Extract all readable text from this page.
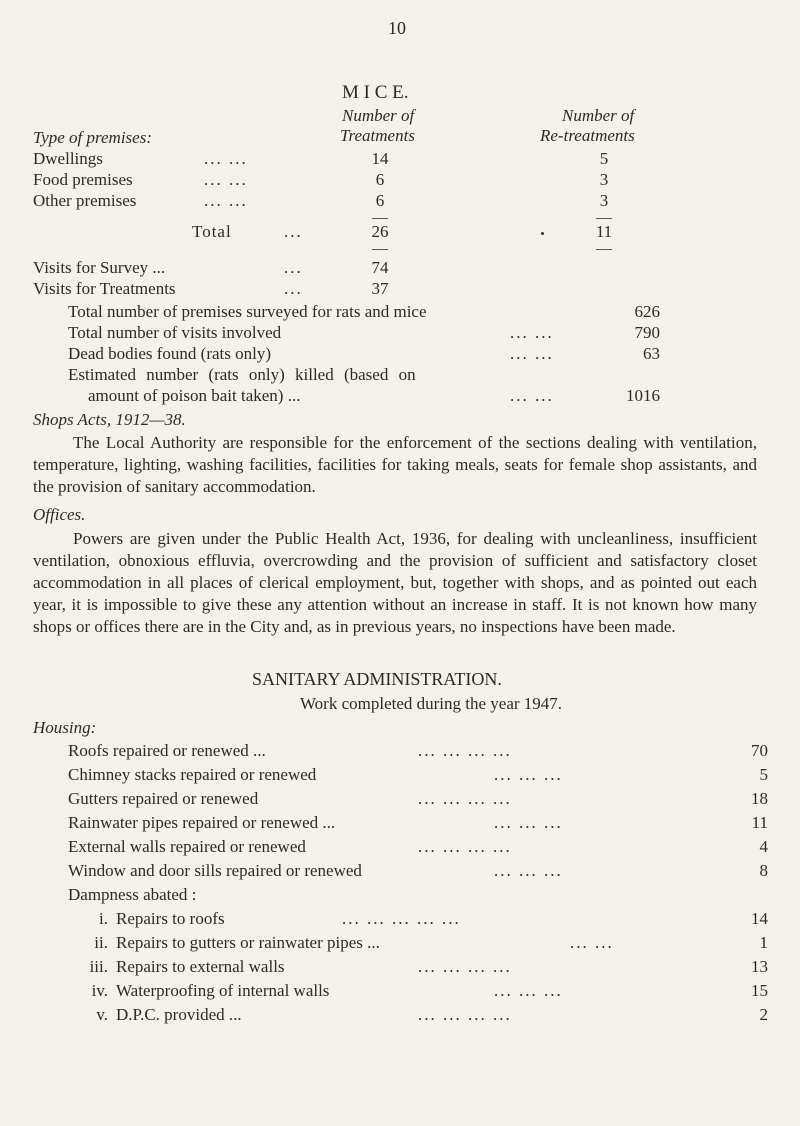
10
M I C E.
Number of
Treatments
Number of
Re-treatments
Type of premises:
Dwellings	... ...	14	5
Food premises	... ...	6	3
Other premises	... ...	6	3
Total	...	26	11
Visits for Survey ...	...	74
Visits for Treatments	...	37
Total number of premises surveyed for rats and mice	626
Total number of visits involved	... ...	790
Dead bodies found (rats only)	... ...	63
Estimated number (rats only) killed (based on
amount of poison bait taken) ...	... ...	1016
Shops Acts, 1912—38.
The Local Authority are responsible for the enforcement of the sections dealing with ventilation, temperature, lighting, washing facilities, facilities for taking meals, seats for female shop assistants, and the provision of sanitary accommodation.
Offices.
Powers are given under the Public Health Act, 1936, for dealing with uncleanliness, insufficient ventilation, obnoxious effluvia, overcrowding and the provision of sufficient and satisfactory closet accommodation in all places of clerical employment, but, together with shops, and as pointed out each year, it is impossible to give these any attention without an increase in staff. It is not known how many shops or offices there are in the City and, as in previous years, no inspections have been made.
SANITARY ADMINISTRATION.
Work completed during the year 1947.
Housing:
Roofs repaired or renewed ...	... ... ... ...	70
Chimney stacks repaired or renewed	... ... ...	5
Gutters repaired or renewed	... ... ... ...	18
Rainwater pipes repaired or renewed ...	... ... ...	11
External walls repaired or renewed	... ... ... ...	4
Window and door sills repaired or renewed	... ... ...	8
Dampness abated :
i. Repairs to roofs	... ... ... ... ...	14
ii. Repairs to gutters or rainwater pipes ...	... ...	1
iii. Repairs to external walls	... ... ... ...	13
iv. Waterproofing of internal walls	... ... ...	15
v. D.P.C. provided ...	... ... ... ...	2
